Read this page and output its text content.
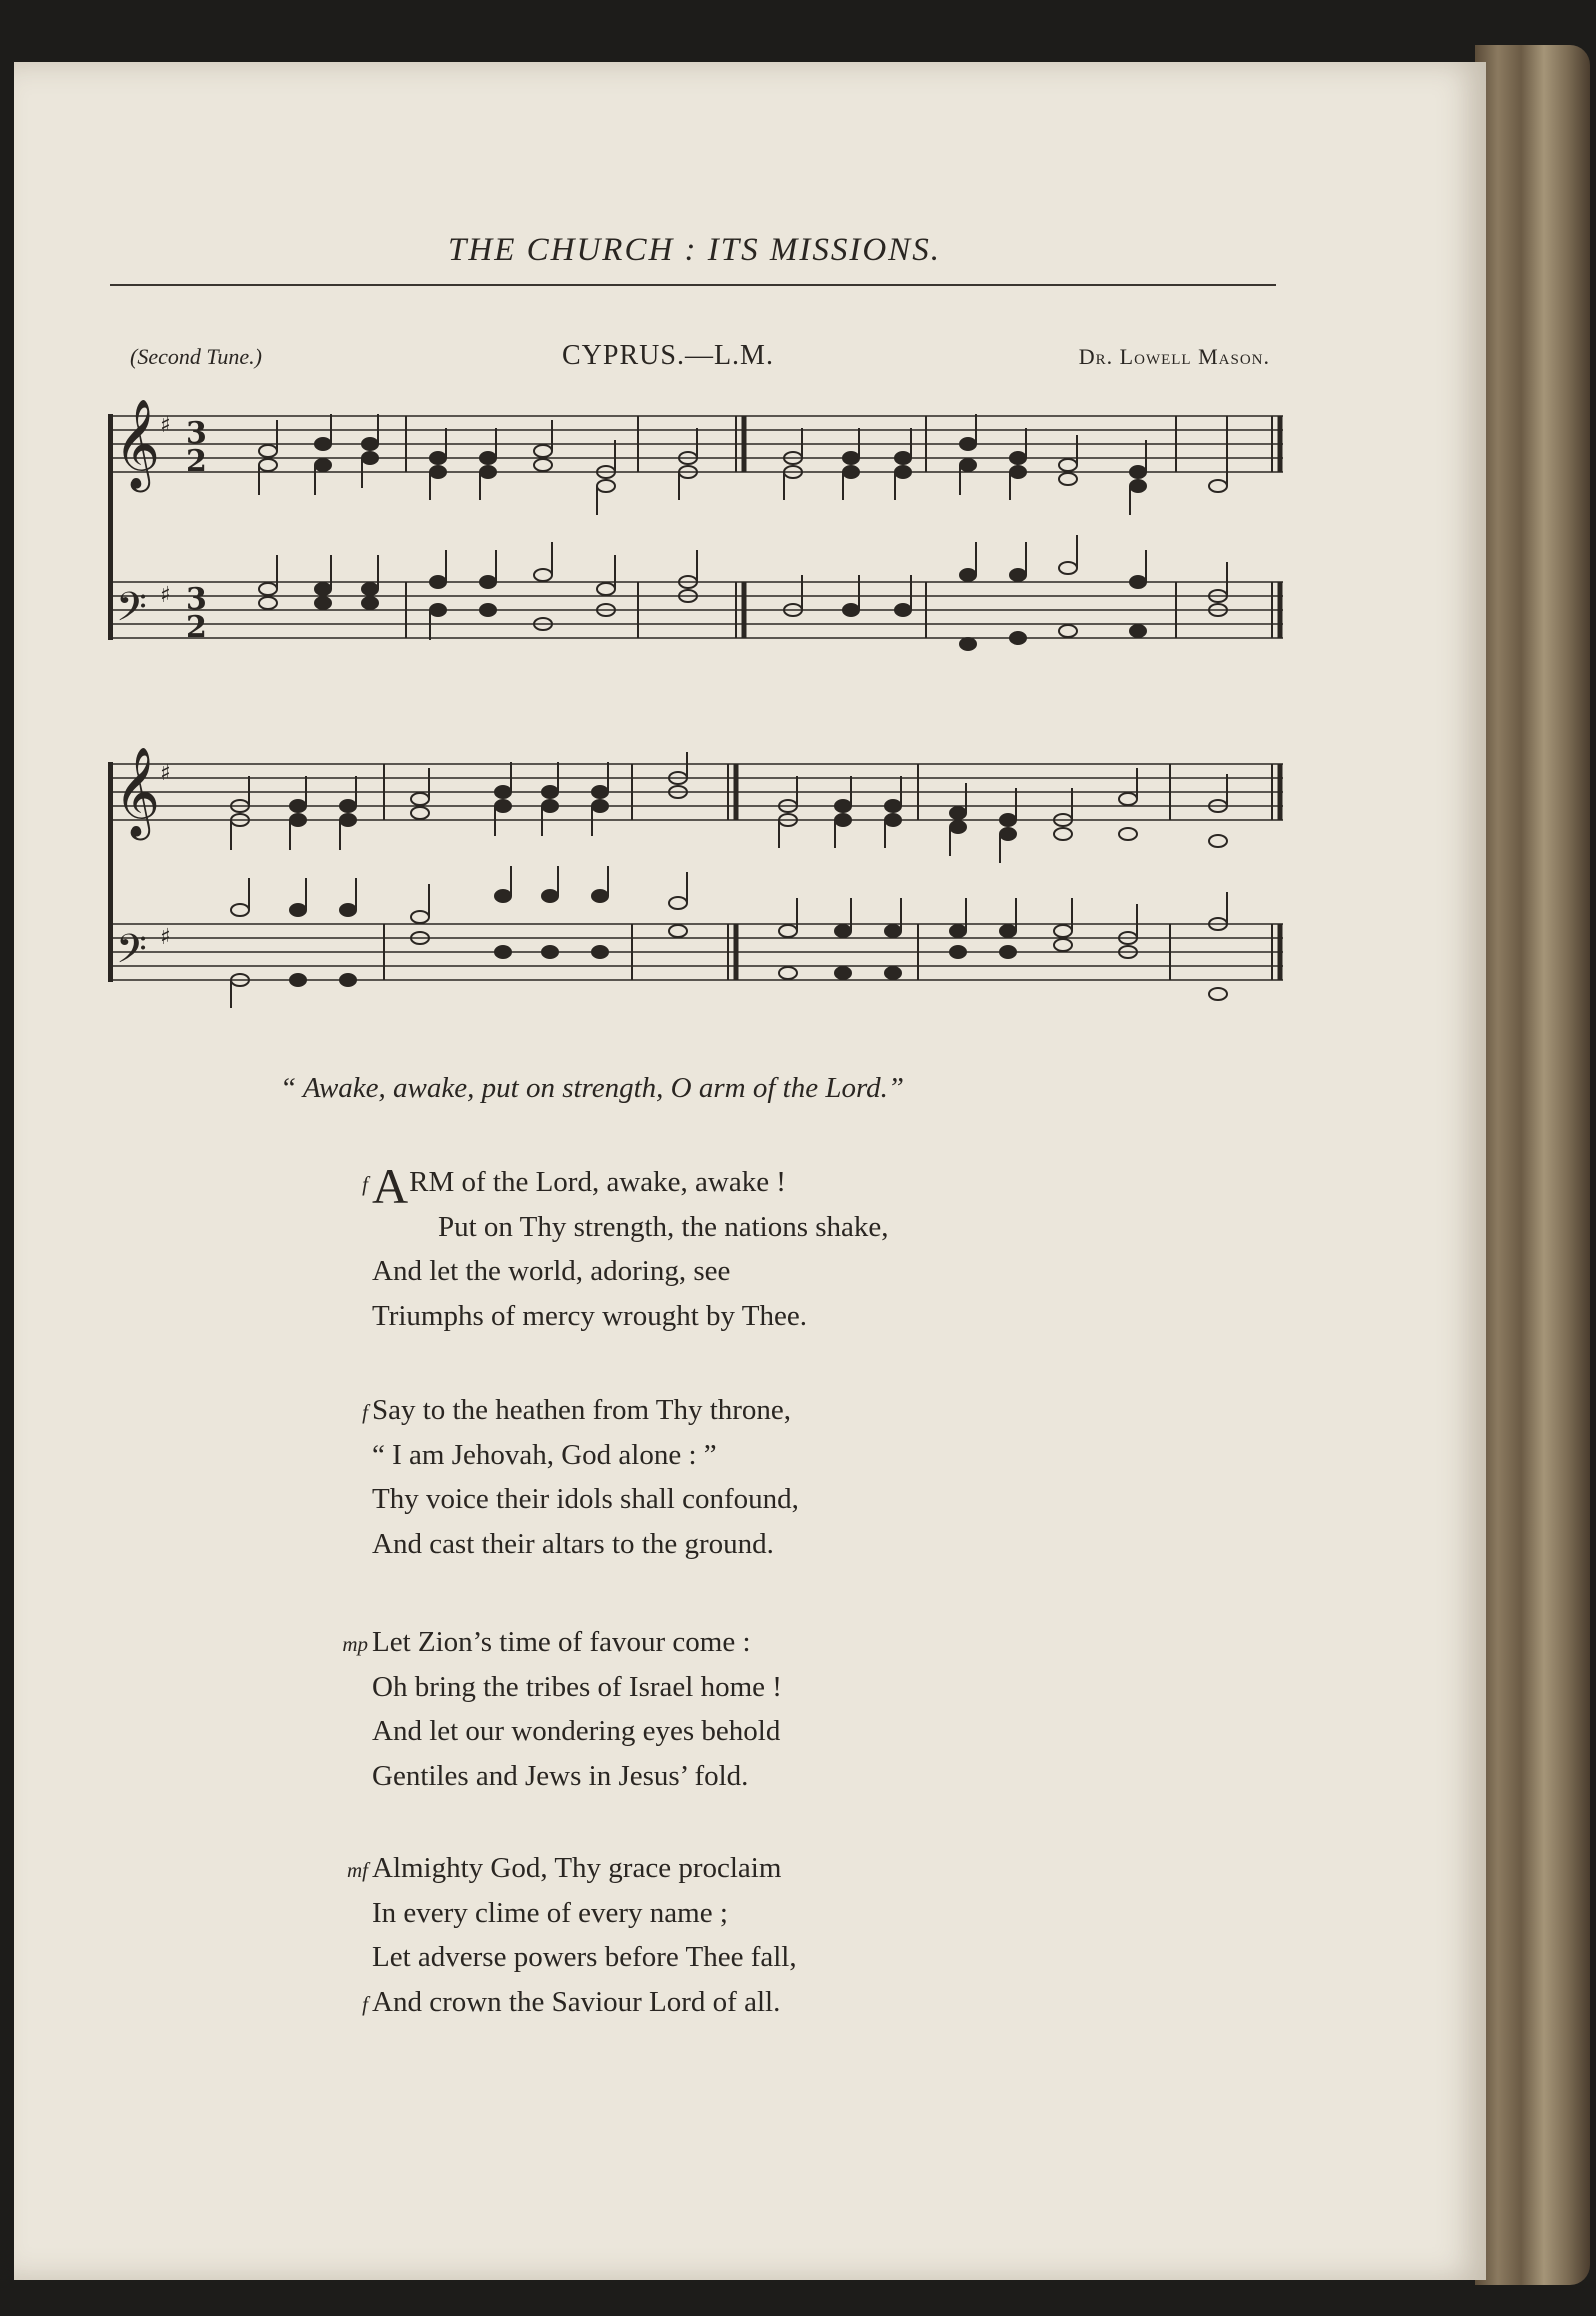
THE CHURCH : ITS MISSIONS.
(Second Tune.)	CYPRUS.—L.M.	Dr. Lowell Mason.
𝄞 ♯
𝄢 ♯
3
2
3
2
𝄞 ♯
𝄢 ♯
“ Awake, awake, put on strength, O arm of the Lord.”
f ARM of the Lord, awake, awake !
Put on Thy strength, the nations shake,
And let the world, adoring, see
Triumphs of mercy wrought by Thee.
f Say to the heathen from Thy throne,
“ I am Jehovah, God alone : ”
Thy voice their idols shall confound,
And cast their altars to the ground.
mp Let Zion’s time of favour come :
Oh bring the tribes of Israel home !
And let our wondering eyes behold
Gentiles and Jews in Jesus’ fold.
mf Almighty God, Thy grace proclaim
In every clime of every name ;
Let adverse powers before Thee fall,
f And crown the Saviour Lord of all.
